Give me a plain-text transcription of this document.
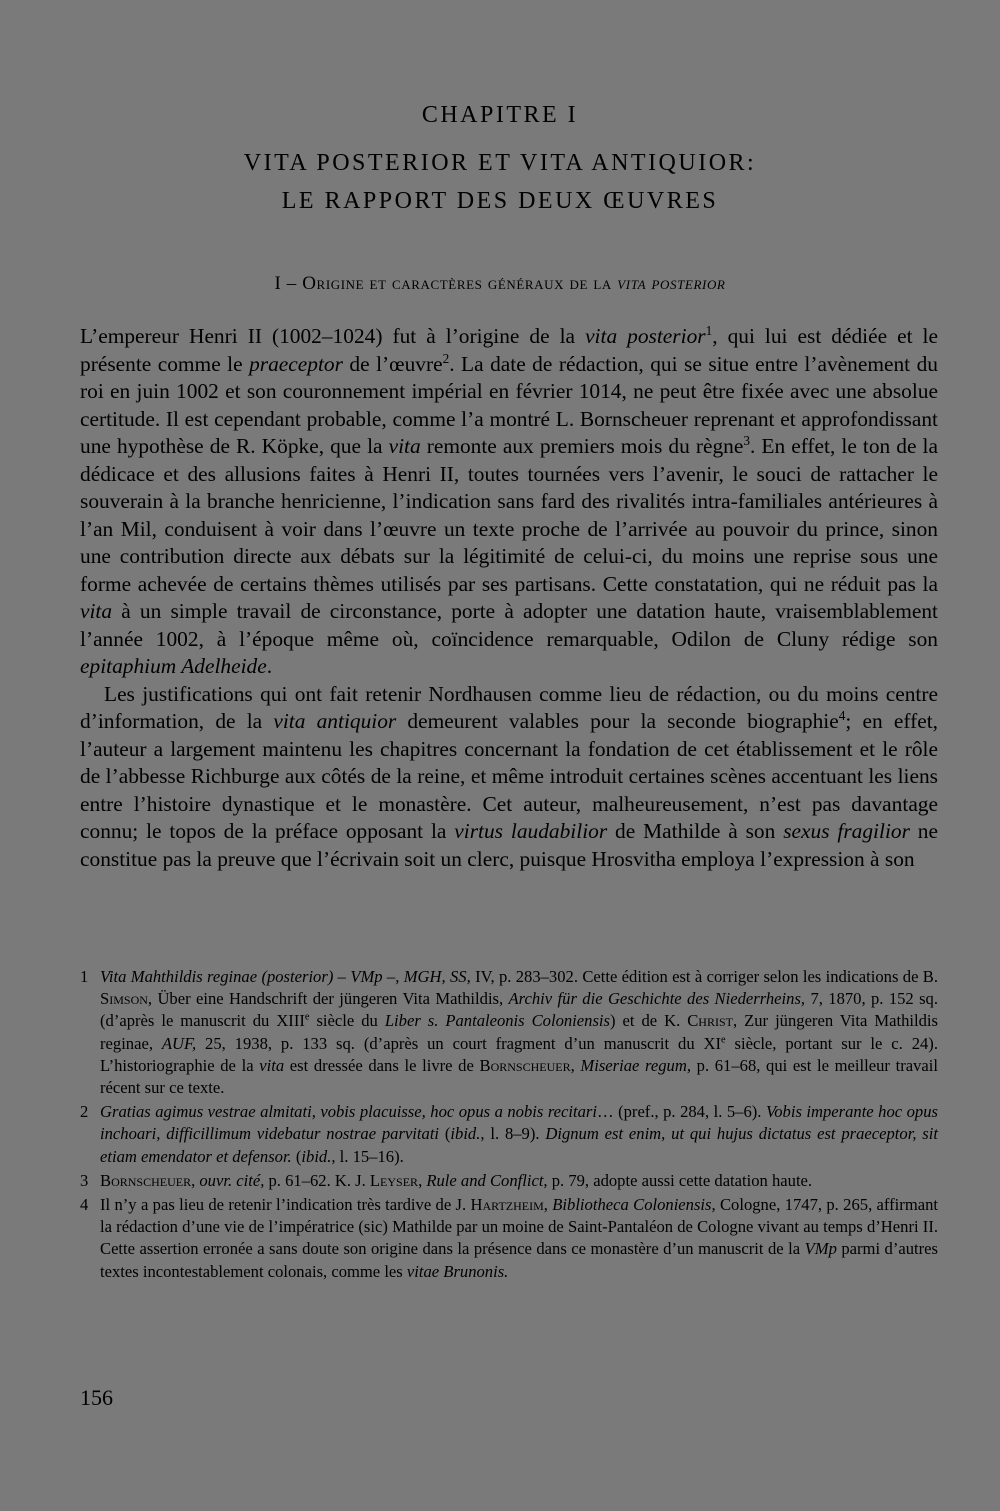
CHAPITRE I
VITA POSTERIOR ET VITA ANTIQUIOR:
LE RAPPORT DES DEUX ŒUVRES
I – Origine et caractères généraux de la vita posterior

L’empereur Henri II (1002–1024) fut à l’origine de la vita posterior$^1$, qui lui est dédiée et le présente comme le praeceptor de l’œuvre$^2$. La date de rédaction, qui se situe entre l’avènement du roi en juin 1002 et son couronnement impérial en février 1014, ne peut être fixée avec une absolue certitude. Il est cependant probable, comme l’a montré L. Bornscheuer reprenant et approfondissant une hypothèse de R. Köpke, que la vita remonte aux premiers mois du règne$^3$. En effet, le ton de la dédicace et des allusions faites à Henri II, toutes tournées vers l’avenir, le souci de rattacher le souverain à la branche henricienne, l’indication sans fard des rivalités intra-familiales antérieures à l’an Mil, conduisent à voir dans l’œuvre un texte proche de l’arrivée au pouvoir du prince, sinon une contribution directe aux débats sur la légitimité de celui-ci, du moins une reprise sous une forme achevée de certains thèmes utilisés par ses partisans. Cette constatation, qui ne réduit pas la vita à un simple travail de circonstance, porte à adopter une datation haute, vraisemblablement l’année 1002, à l’époque même où, coïncidence remarquable, Odilon de Cluny rédige son epitaphium Adelheide.

Les justifications qui ont fait retenir Nordhausen comme lieu de rédaction, ou du moins centre d’information, de la vita antiquior demeurent valables pour la seconde biographie$^4$; en effet, l’auteur a largement maintenu les chapitres concernant la fondation de cet établissement et le rôle de l’abbesse Richburge aux côtés de la reine, et même introduit certaines scènes accentuant les liens entre l’histoire dynastique et le monastère. Cet auteur, malheureusement, n’est pas davantage connu; le topos de la préface opposant la virtus laudabilior de Mathilde à son sexus fragilior ne constitue pas la preuve que l’écrivain soit un clerc, puisque Hrosvitha employa l’expression à son

1 Vita Mahthildis reginae (posterior) – VMp –, MGH, SS, IV, p. 283–302. Cette édition est à corriger selon les indications de B. Simson, Über eine Handschrift der jüngeren Vita Mathildis, Archiv für die Geschichte des Niederrheins, 7, 1870, p. 152 sq. (d’après le manuscrit du XIIIe siècle du Liber s. Pantaleonis Coloniensis) et de K. Christ, Zur jüngeren Vita Mathildis reginae, AUF, 25, 1938, p. 133 sq. (d’après un court fragment d’un manuscrit du XIe siècle, portant sur le c. 24). L’historiographie de la vita est dressée dans le livre de Bornscheuer, Miseriae regum, p. 61–68, qui est le meilleur travail récent sur ce texte.

2 Gratias agimus vestrae almitati, vobis placuisse, hoc opus a nobis recitari… (pref., p. 284, l. 5–6). Vobis imperante hoc opus inchoari, difficillimum videbatur nostrae parvitati (ibid., l. 8–9). Dignum est enim, ut qui hujus dictatus est praeceptor, sit etiam emendator et defensor. (ibid., l. 15–16).

3 Bornscheuer, ouvr. cité, p. 61–62. K. J. Leyser, Rule and Conflict, p. 79, adopte aussi cette datation haute.

4 Il n’y a pas lieu de retenir l’indication très tardive de J. Hartzheim, Bibliotheca Coloniensis, Cologne, 1747, p. 265, affirmant la rédaction d’une vie de l’impératrice (sic) Mathilde par un moine de Saint-Pantaléon de Cologne vivant au temps d’Henri II. Cette assertion erronée a sans doute son origine dans la présence dans ce monastère d’un manuscrit de la VMp parmi d’autres textes incontestablement colonais, comme les vitae Brunonis.

156
